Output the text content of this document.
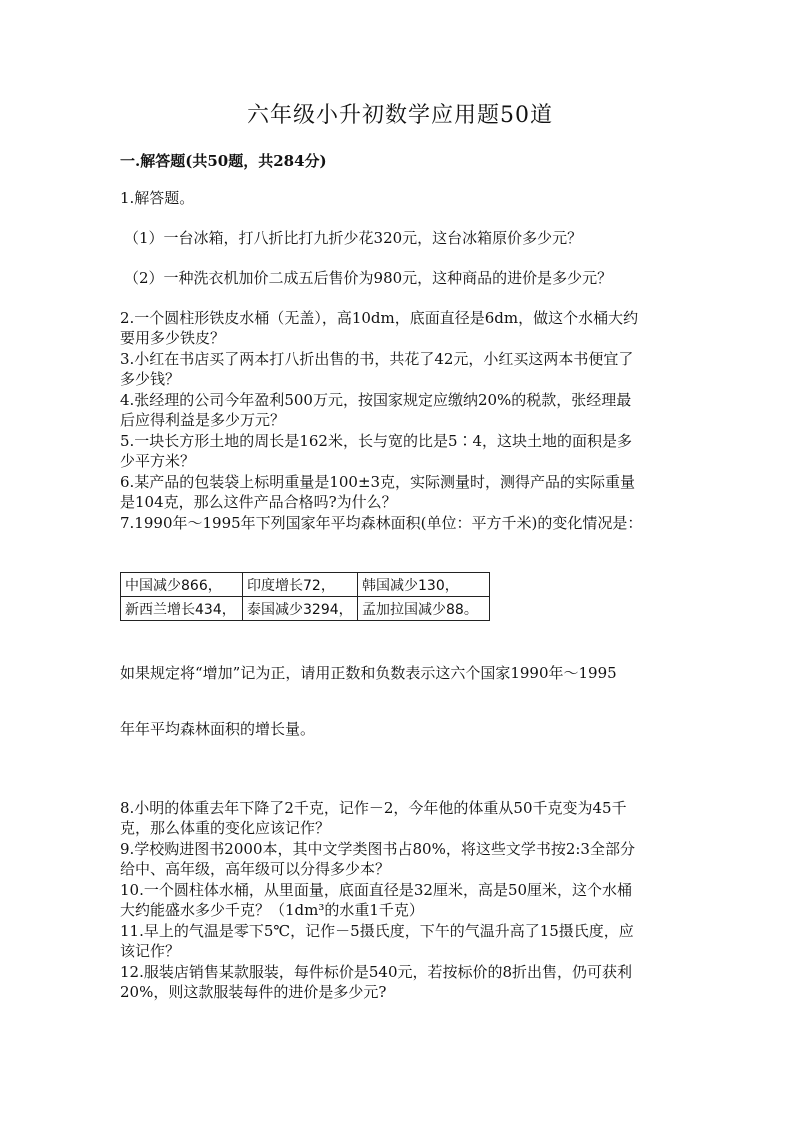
六年级小升初数学应用题50道
一.解答题(共50题，共284分)
1.解答题。
（1）一台冰箱，打八折比打九折少花320元，这台冰箱原价多少元？
（2）一种洗衣机加价二成五后售价为980元，这种商品的进价是多少元？
2.一个圆柱形铁皮水桶（无盖），高10dm，底面直径是6dm，做这个水桶大约
要用多少铁皮？
3.小红在书店买了两本打八折出售的书，共花了42元，小红买这两本书便宜了
多少钱？
4.张经理的公司今年盈利500万元，按国家规定应缴纳20%的税款，张经理最
后应得利益是多少万元？
5.一块长方形土地的周长是162米，长与宽的比是5∶4，这块土地的面积是多
少平方米？
6.某产品的包装袋上标明重量是100±3克，实际测量时，测得产品的实际重量
是104克，那么这件产品合格吗?为什么？
7.1990年～1995年下列国家年平均森林面积(单位：平方千米)的变化情况是：
中国减少866，	印度增长72，	韩国减少130，
新西兰增长434，	泰国减少3294，	孟加拉国减少88。
如果规定将“增加”记为正，请用正数和负数表示这六个国家1990年～1995
年年平均森林面积的增长量。
8.小明的体重去年下降了2千克，记作－2，今年他的体重从50千克变为45千
克，那么体重的变化应该记作？
9.学校购进图书2000本，其中文学类图书占80%，将这些文学书按2:3全部分
给中、高年级，高年级可以分得多少本？
10.一个圆柱体水桶，从里面量，底面直径是32厘米，高是50厘米，这个水桶
大约能盛水多少千克？（1dm³的水重1千克）
11.早上的气温是零下5℃，记作－5摄氏度，下午的气温升高了15摄氏度，应
该记作？
12.服装店销售某款服装，每件标价是540元，若按标价的8折出售，仍可获利
20%，则这款服装每件的进价是多少元?
